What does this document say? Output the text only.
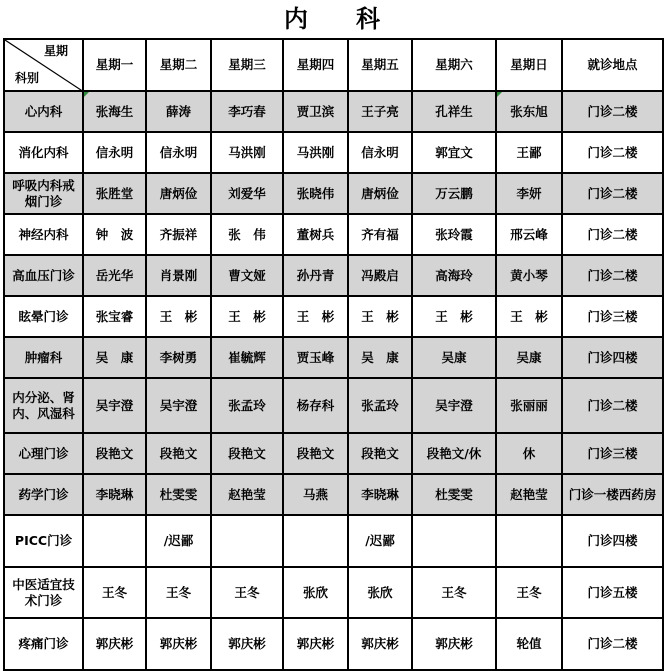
内 科
星期
科别	星期一	星期二	星期三	星期四	星期五	星期六	星期日	就诊地点
心内科	张海生	薛涛	李巧春	贾卫滨	王子亮	孔祥生	张东旭	门诊二楼
消化内科	信永明	信永明	马洪刚	马洪刚	信永明	郭宜文	王鄙	门诊二楼
呼吸内科戒烟门诊	张胜堂	唐炳俭	刘爱华	张晓伟	唐炳俭	万云鹏	李妍	门诊二楼
神经内科	钟　波	齐振祥	张　伟	董树兵	齐有福	张玲霞	邢云峰	门诊二楼
高血压门诊	岳光华	肖景刚	曹文娅	孙丹青	冯殿启	高海玲	黄小琴	门诊二楼
眩晕门诊	张宝睿	王　彬	王　彬	王　彬	王　彬	王　彬	王　彬	门诊三楼
肿瘤科	吴　康	李树勇	崔毓辉	贾玉峰	吴　康	吴康	吴康	门诊四楼
内分泌、肾内、风湿科	吴宇澄	吴宇澄	张孟玲	杨存科	张孟玲	吴宇澄	张丽丽	门诊二楼
心理门诊	段艳文	段艳文	段艳文	段艳文	段艳文	段艳文/休	休	门诊三楼
药学门诊	李晓琳	杜雯雯	赵艳莹	马燕	李晓琳	杜雯雯	赵艳莹	门诊一楼西药房
PICC门诊		/迟鄙			/迟鄙			门诊四楼
中医适宜技术门诊	王冬	王冬	王冬	张欣	张欣	王冬	王冬	门诊五楼
疼痛门诊	郭庆彬	郭庆彬	郭庆彬	郭庆彬	郭庆彬	郭庆彬	轮值	门诊二楼
